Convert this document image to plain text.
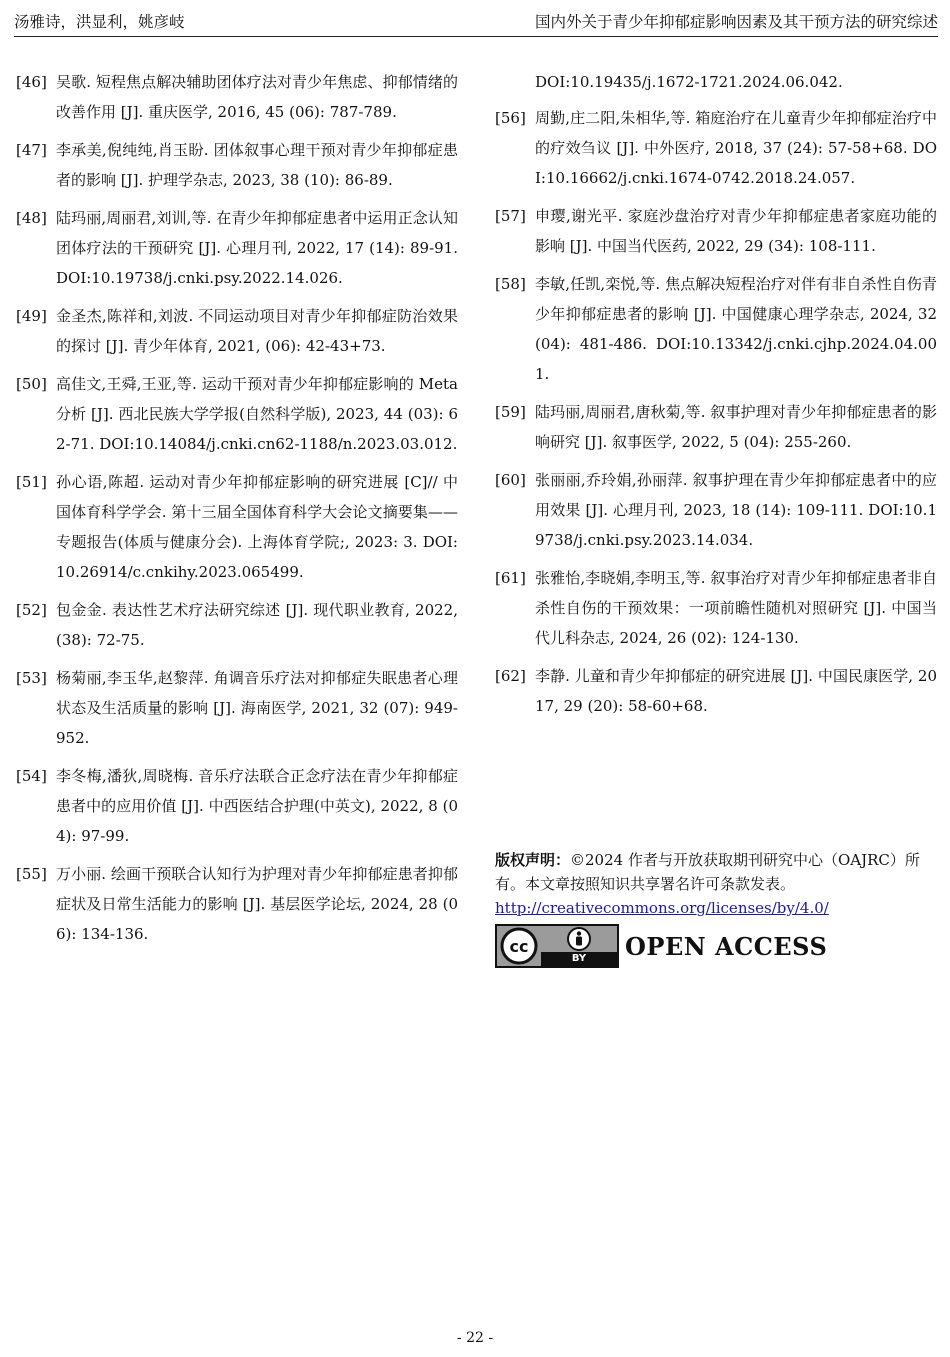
汤雅诗，洪显利，姚彦岐	国内外关于青少年抑郁症影响因素及其干预方法的研究综述
[46] 吴歌. 短程焦点解决辅助团体疗法对青少年焦虑、抑郁情绪的改善作用 [J]. 重庆医学, 2016, 45 (06): 787-789.
[47] 李承美,倪纯纯,肖玉盼. 团体叙事心理干预对青少年抑郁症患者的影响 [J]. 护理学杂志, 2023, 38 (10): 86-89.
[48] 陆玛丽,周丽君,刘训,等. 在青少年抑郁症患者中运用正念认知团体疗法的干预研究 [J]. 心理月刊, 2022, 17 (14): 89-91. DOI:10.19738/j.cnki.psy.2022.14.026.
[49] 金圣杰,陈祥和,刘波. 不同运动项目对青少年抑郁症防治效果的探讨 [J]. 青少年体育, 2021, (06): 42-43+73.
[50] 高佳文,王舜,王亚,等. 运动干预对青少年抑郁症影响的 Meta 分析 [J]. 西北民族大学学报(自然科学版), 2023, 44 (03): 62-71. DOI:10.14084/j.cnki.cn62-1188/n.2023.03.012.
[51] 孙心语,陈超. 运动对青少年抑郁症影响的研究进展 [C]// 中国体育科学学会. 第十三届全国体育科学大会论文摘要集——专题报告(体质与健康分会). 上海体育学院;, 2023: 3. DOI:10.26914/c.cnkihy.2023.065499.
[52] 包金金. 表达性艺术疗法研究综述 [J]. 现代职业教育, 2022, (38): 72-75.
[53] 杨菊丽,李玉华,赵黎萍. 角调音乐疗法对抑郁症失眠患者心理状态及生活质量的影响 [J]. 海南医学, 2021, 32 (07): 949-952.
[54] 李冬梅,潘狄,周晓梅. 音乐疗法联合正念疗法在青少年抑郁症患者中的应用价值 [J]. 中西医结合护理(中英文), 2022, 8 (04): 97-99.
[55] 万小丽. 绘画干预联合认知行为护理对青少年抑郁症患者抑郁症状及日常生活能力的影响 [J]. 基层医学论坛, 2024, 28 (06): 134-136.
DOI:10.19435/j.1672-1721.2024.06.042.
[56] 周勤,庄二阳,朱相华,等. 箱庭治疗在儿童青少年抑郁症治疗中的疗效刍议 [J]. 中外医疗, 2018, 37 (24): 57-58+68. DOI:10.16662/j.cnki.1674-0742.2018.24.057.
[57] 申璎,谢光平. 家庭沙盘治疗对青少年抑郁症患者家庭功能的影响 [J]. 中国当代医药, 2022, 29 (34): 108-111.
[58] 李敏,任凯,栾悦,等. 焦点解决短程治疗对伴有非自杀性自伤青少年抑郁症患者的影响 [J]. 中国健康心理学杂志, 2024, 32 (04): 481-486. DOI:10.13342/j.cnki.cjhp.2024.04.001.
[59] 陆玛丽,周丽君,唐秋菊,等. 叙事护理对青少年抑郁症患者的影响研究 [J]. 叙事医学, 2022, 5 (04): 255-260.
[60] 张丽丽,乔玲娟,孙丽萍. 叙事护理在青少年抑郁症患者中的应用效果 [J]. 心理月刊, 2023, 18 (14): 109-111. DOI:10.19738/j.cnki.psy.2023.14.034.
[61] 张雅怡,李晓娟,李明玉,等. 叙事治疗对青少年抑郁症患者非自杀性自伤的干预效果：一项前瞻性随机对照研究 [J]. 中国当代儿科杂志, 2024, 26 (02): 124-130.
[62] 李静. 儿童和青少年抑郁症的研究进展 [J]. 中国民康医学, 2017, 29 (20): 58-60+68.
版权声明：©2024 作者与开放获取期刊研究中心（OAJRC）所有。本文章按照知识共享署名许可条款发表。
http://creativecommons.org/licenses/by/4.0/
cc
BY	OPEN ACCESS
- 22 -
